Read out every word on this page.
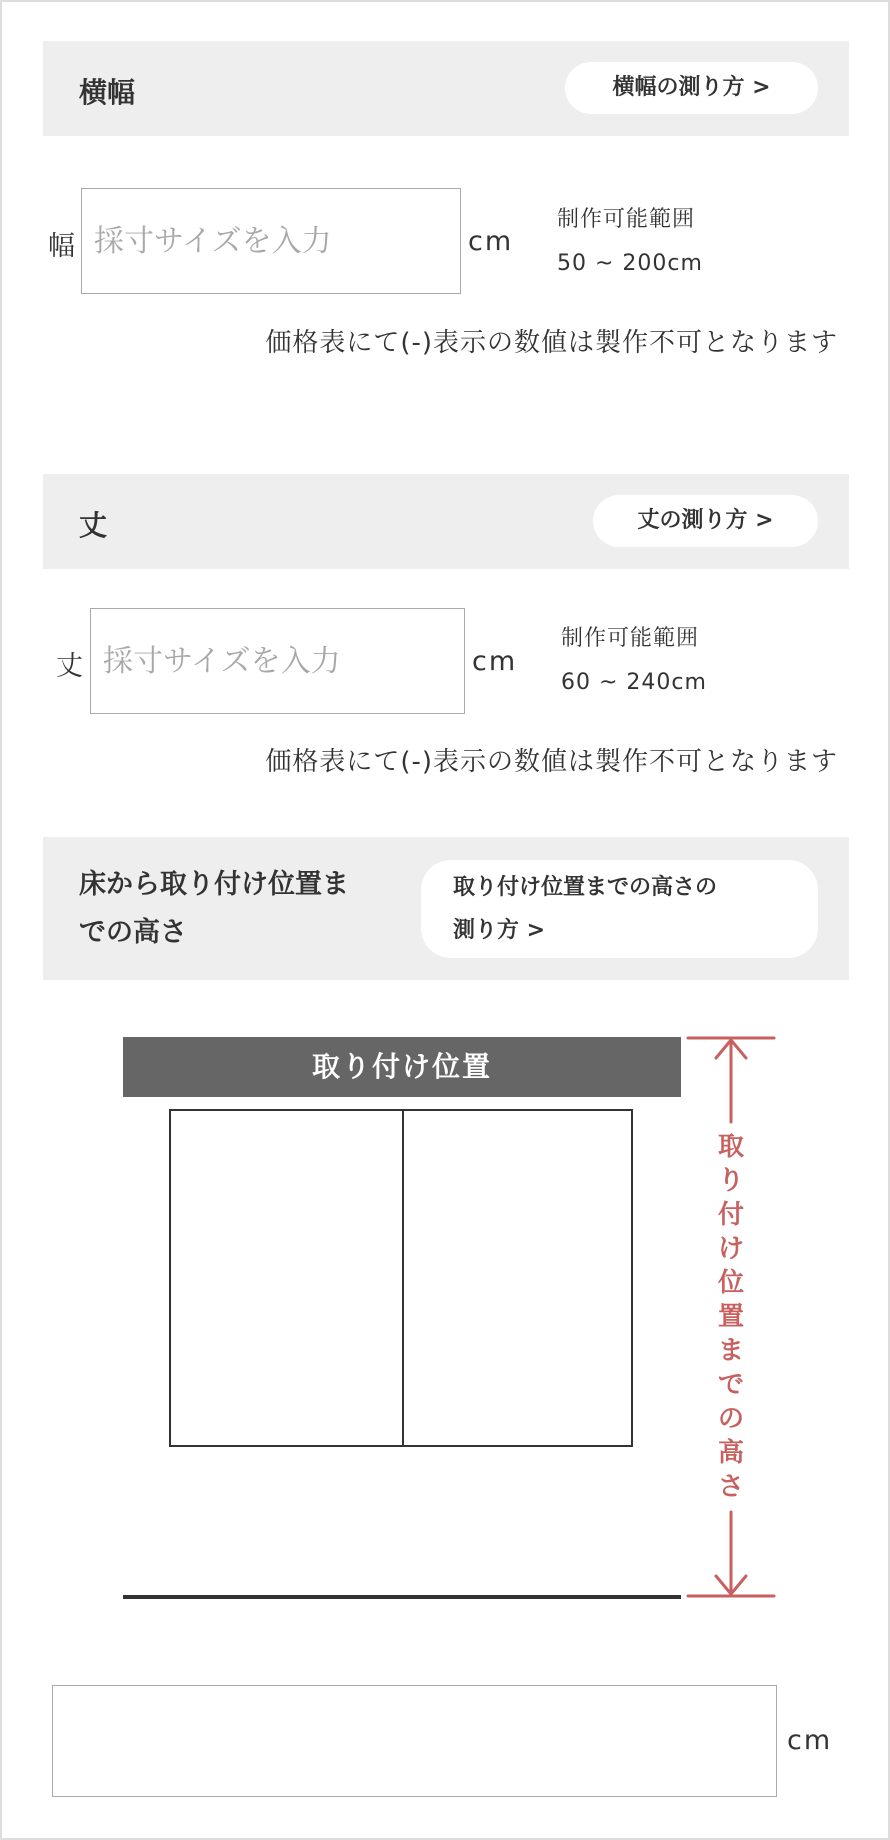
横幅	横幅の測り方 >
幅
採寸サイズを入力	cm
制作可能範囲
50 ~ 200cm
価格表にて(-)表示の数値は製作不可となります
丈	丈の測り方 >
丈
採寸サイズを入力	cm
制作可能範囲
60 ~ 240cm
価格表にて(-)表示の数値は製作不可となります
床から取り付け位置ま
での高さ
取り付け位置までの高さの
測り方 >
取り付け位置
取
り
付
け
位
置
ま
で
の
高
さ
cm
